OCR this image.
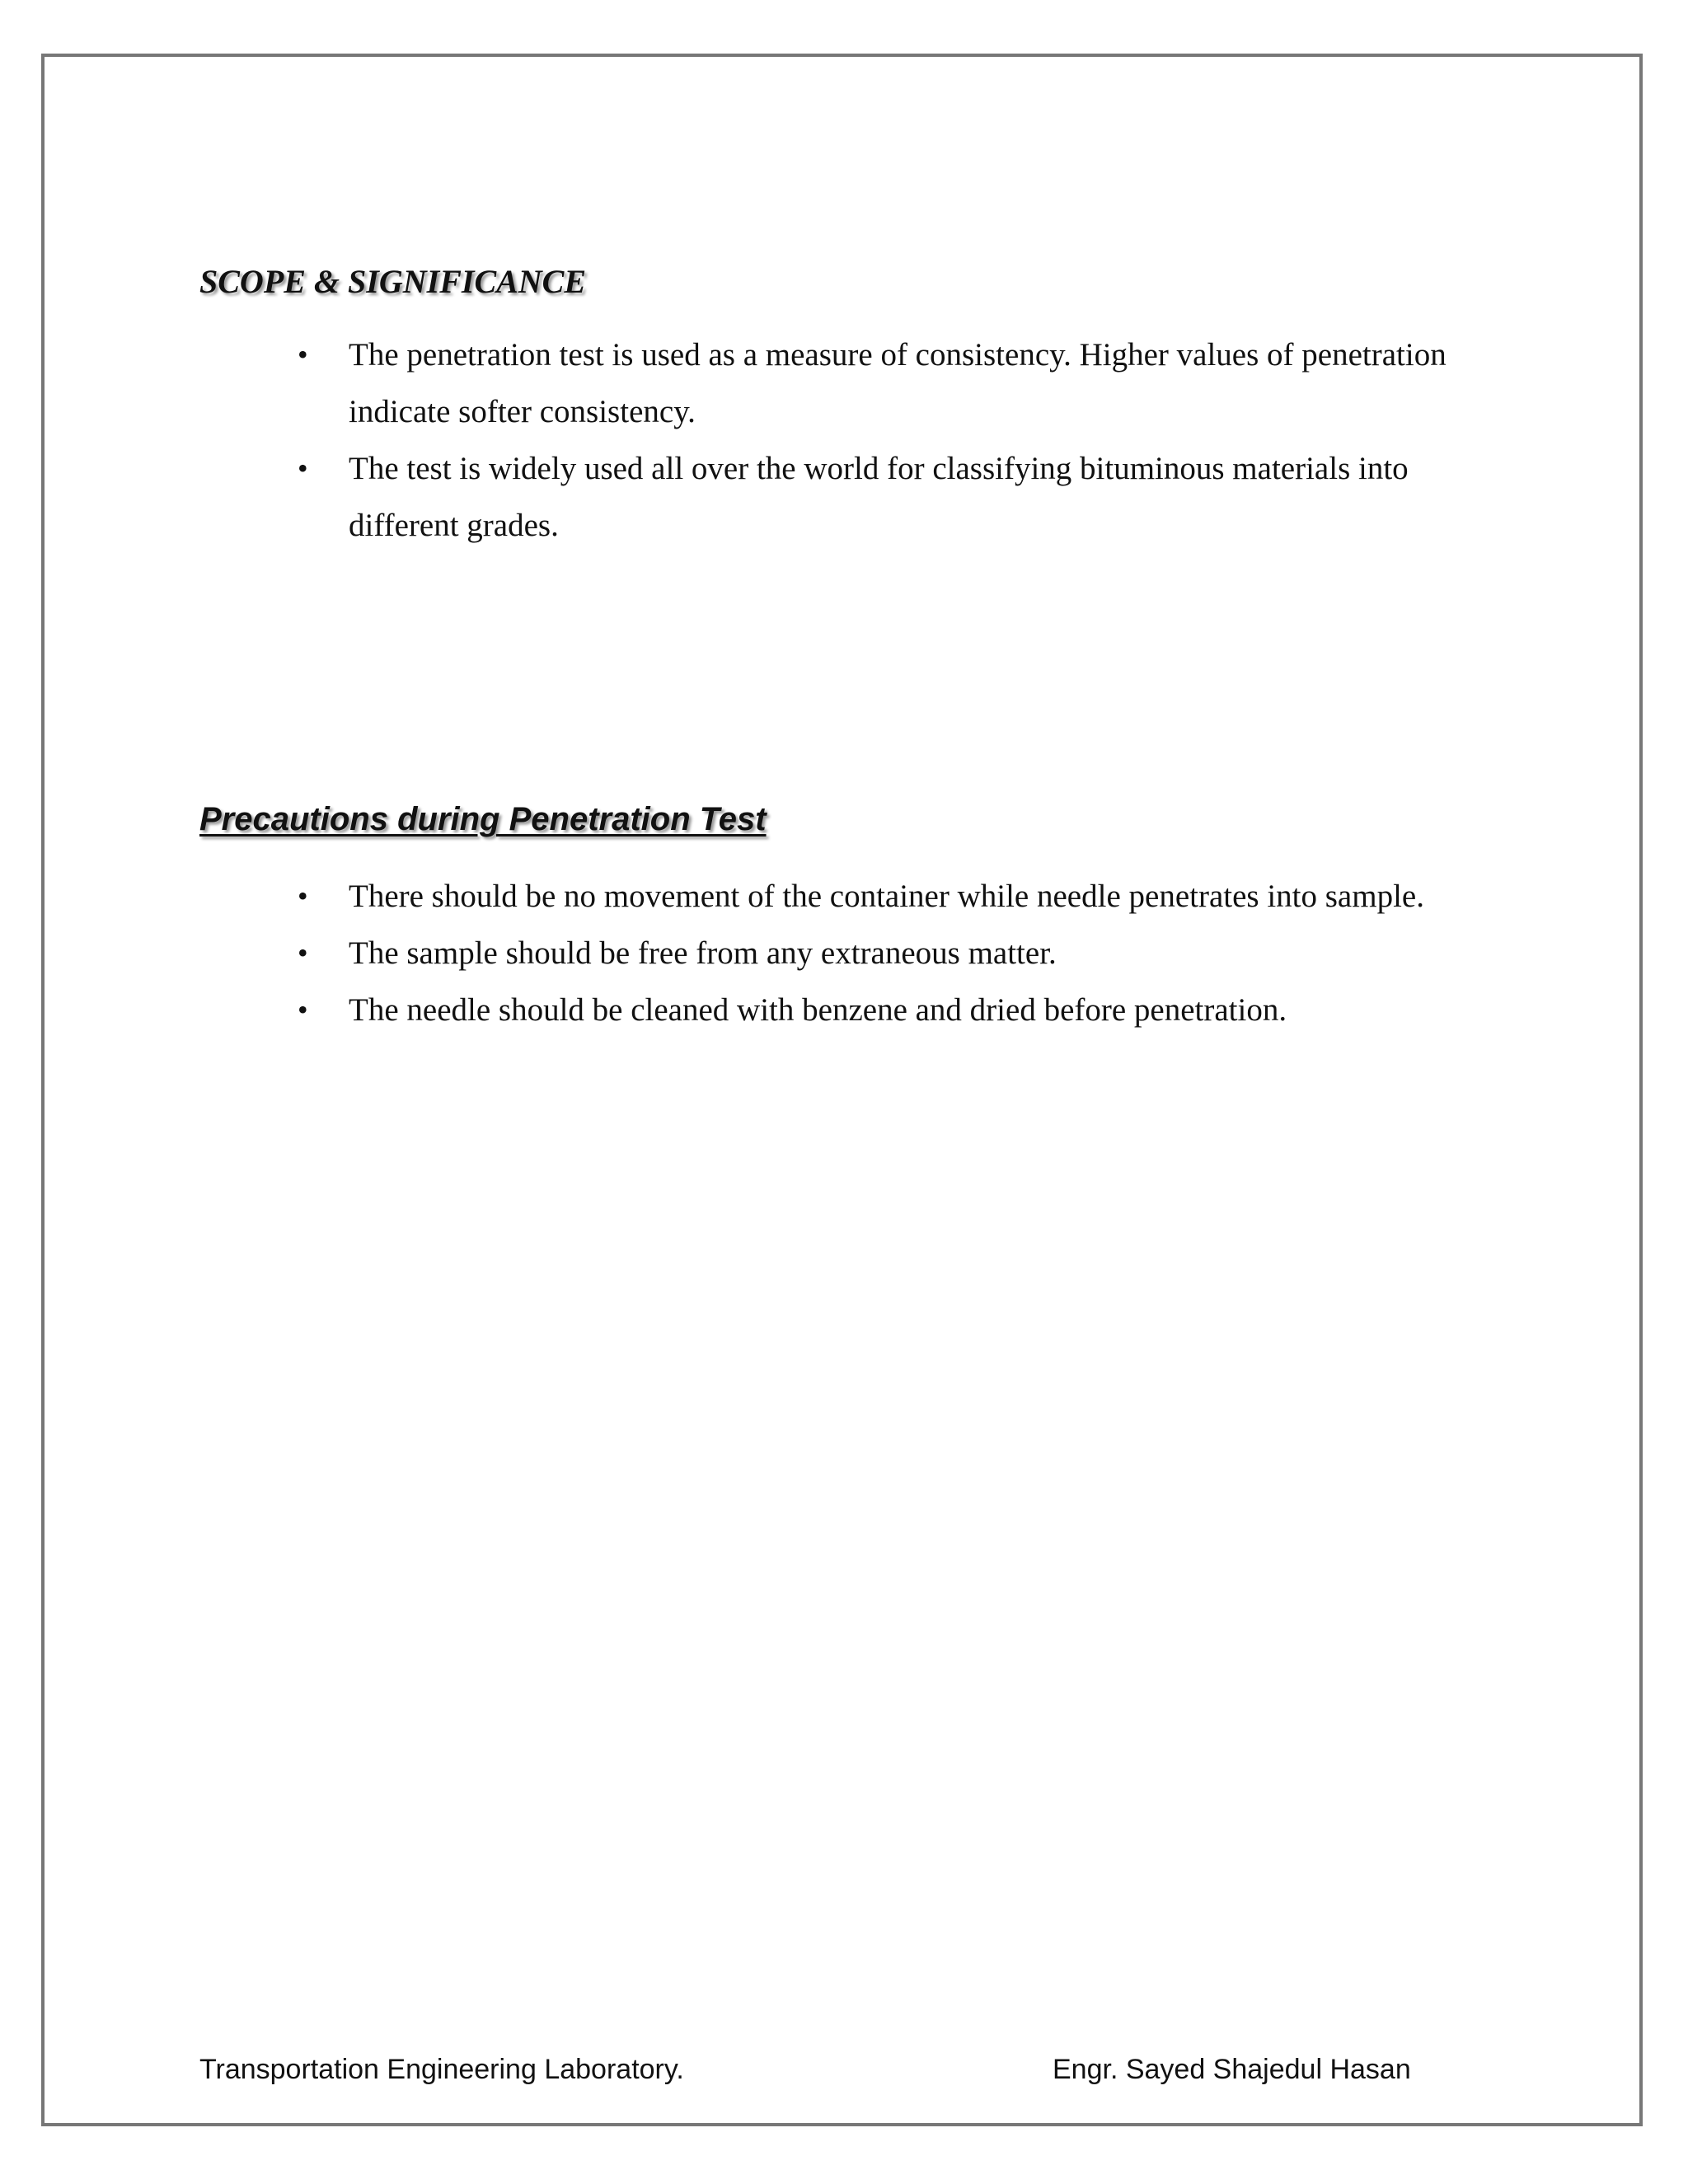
SCOPE & SIGNIFICANCE
• The penetration test is used as a measure of consistency. Higher values of penetration indicate softer consistency.
• The test is widely used all over the world for classifying bituminous materials into different grades.
Precautions during Penetration Test
• There should be no movement of the container while needle penetrates into sample.
• The sample should be free from any extraneous matter.
• The needle should be cleaned with benzene and dried before penetration.

Transportation Engineering Laboratory.	Engr. Sayed Shajedul Hasan
